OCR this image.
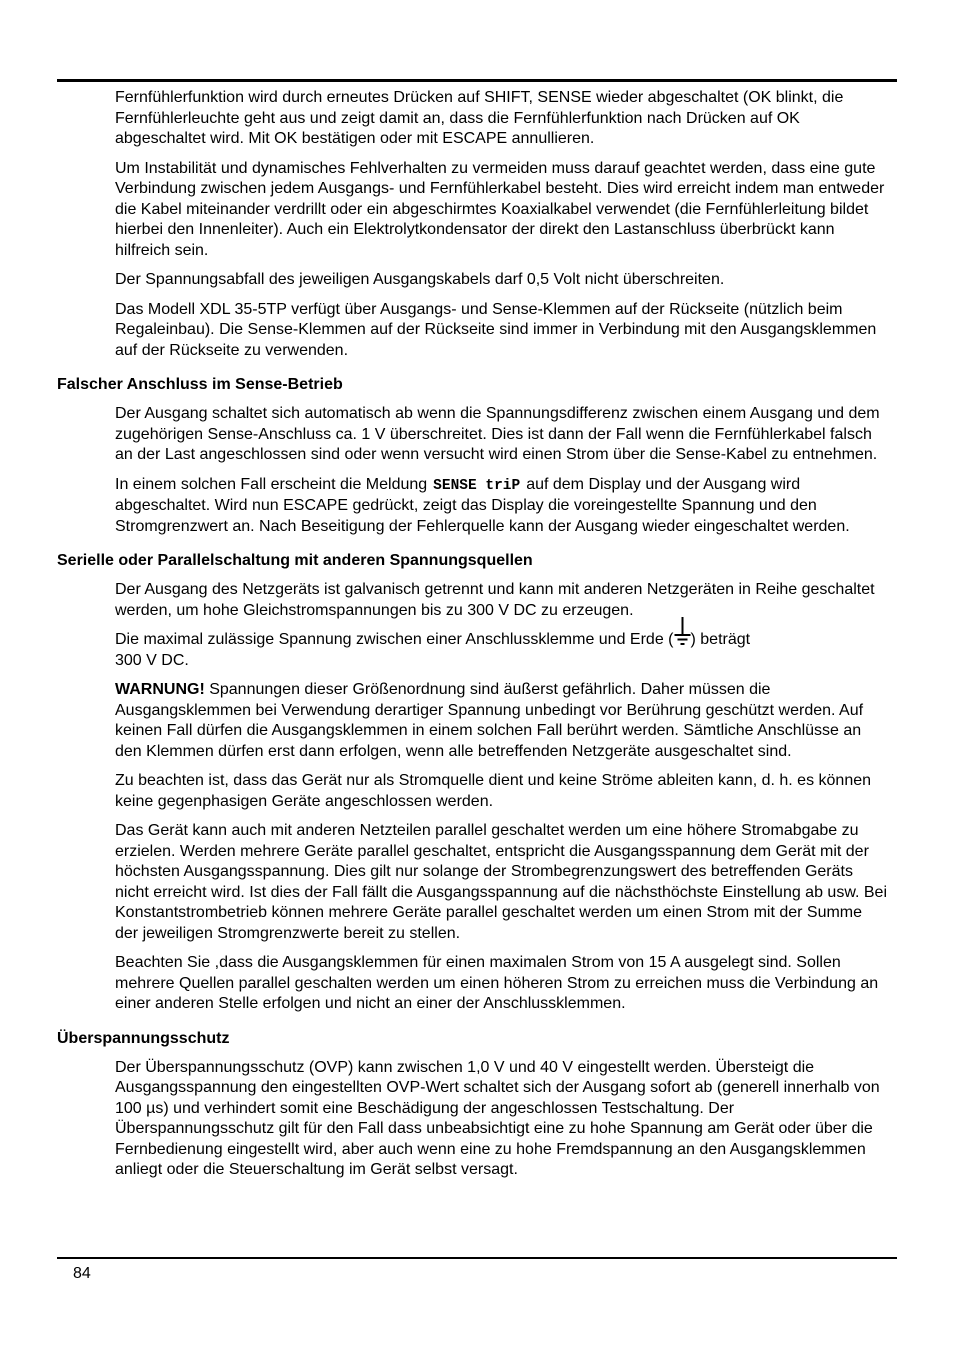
Fernfühlerfunktion wird durch erneutes Drücken auf SHIFT, SENSE wieder abgeschaltet (OK blinkt, die Fernfühlerleuchte geht aus und zeigt damit an, dass die Fernfühlerfunktion nach Drücken auf OK abgeschaltet wird. Mit OK bestätigen oder mit ESCAPE annullieren.

Um Instabilität und dynamisches Fehlverhalten zu vermeiden muss darauf geachtet werden, dass eine gute Verbindung zwischen jedem Ausgangs- und Fernfühlerkabel besteht. Dies wird erreicht indem man entweder die Kabel miteinander verdrillt oder ein abgeschirmtes Koaxialkabel verwendet (die Fernfühlerleitung bildet hierbei den Innenleiter). Auch ein Elektrolytkondensator der direkt den Lastanschluss überbrückt kann hilfreich sein.

Der Spannungsabfall des jeweiligen Ausgangskabels darf 0,5 Volt nicht überschreiten.

Das Modell XDL 35-5TP verfügt über Ausgangs- und Sense-Klemmen auf der Rückseite (nützlich beim Regaleinbau). Die Sense-Klemmen auf der Rückseite sind immer in Verbindung mit den Ausgangsklemmen auf der Rückseite zu verwenden.

Falscher Anschluss im Sense-Betrieb

Der Ausgang schaltet sich automatisch ab wenn die Spannungsdifferenz zwischen einem Ausgang und dem zugehörigen Sense-Anschluss ca. 1 V überschreitet. Dies ist dann der Fall wenn die Fernfühlerkabel falsch an der Last angeschlossen sind oder wenn versucht wird einen Strom über die Sense-Kabel zu entnehmen.

In einem solchen Fall erscheint die Meldung SENSE triP auf dem Display und der Ausgang wird abgeschaltet. Wird nun ESCAPE gedrückt, zeigt das Display die voreingestellte Spannung und den Stromgrenzwert an. Nach Beseitigung der Fehlerquelle kann der Ausgang wieder eingeschaltet werden.

Serielle oder Parallelschaltung mit anderen Spannungsquellen

Der Ausgang des Netzgeräts ist galvanisch getrennt und kann mit anderen Netzgeräten in Reihe geschaltet werden, um hohe Gleichstromspannungen bis zu 300 V DC zu erzeugen.

Die maximal zulässige Spannung zwischen einer Anschlussklemme und Erde ( ) beträgt
300 V DC.

WARNUNG! Spannungen dieser Größenordnung sind äußerst gefährlich. Daher müssen die Ausgangsklemmen bei Verwendung derartiger Spannung unbedingt vor Berührung geschützt werden. Auf keinen Fall dürfen die Ausgangsklemmen in einem solchen Fall berührt werden. Sämtliche Anschlüsse an den Klemmen dürfen erst dann erfolgen, wenn alle betreffenden Netzgeräte ausgeschaltet sind.

Zu beachten ist, dass das Gerät nur als Stromquelle dient und keine Ströme ableiten kann, d. h. es können keine gegenphasigen Geräte angeschlossen werden.

Das Gerät kann auch mit anderen Netzteilen parallel geschaltet werden um eine höhere Stromabgabe zu erzielen. Werden mehrere Geräte parallel geschaltet, entspricht die Ausgangsspannung dem Gerät mit der höchsten Ausgangsspannung. Dies gilt nur solange der Strombegrenzungswert des betreffenden Geräts nicht erreicht wird. Ist dies der Fall fällt die Ausgangsspannung auf die nächsthöchste Einstellung ab usw. Bei Konstantstrombetrieb können mehrere Geräte parallel geschaltet werden um einen Strom mit der Summe der jeweiligen Stromgrenzwerte bereit zu stellen.

Beachten Sie ,dass die Ausgangsklemmen für einen maximalen Strom von 15 A ausgelegt sind. Sollen mehrere Quellen parallel geschalten werden um einen höheren Strom zu erreichen muss die Verbindung an einer anderen Stelle erfolgen und nicht an einer der Anschlussklemmen.

Überspannungsschutz

Der Überspannungsschutz (OVP) kann zwischen 1,0 V und 40 V eingestellt werden. Übersteigt die Ausgangsspannung den eingestellten OVP-Wert schaltet sich der Ausgang sofort ab (generell innerhalb von 100 µs) und verhindert somit eine Beschädigung der angeschlossen Testschaltung. Der Überspannungsschutz gilt für den Fall dass unbeabsichtigt eine zu hohe Spannung am Gerät oder über die Fernbedienung eingestellt wird, aber auch wenn eine zu hohe Fremdspannung an den Ausgangsklemmen anliegt oder die Steuerschaltung im Gerät selbst versagt.

84
